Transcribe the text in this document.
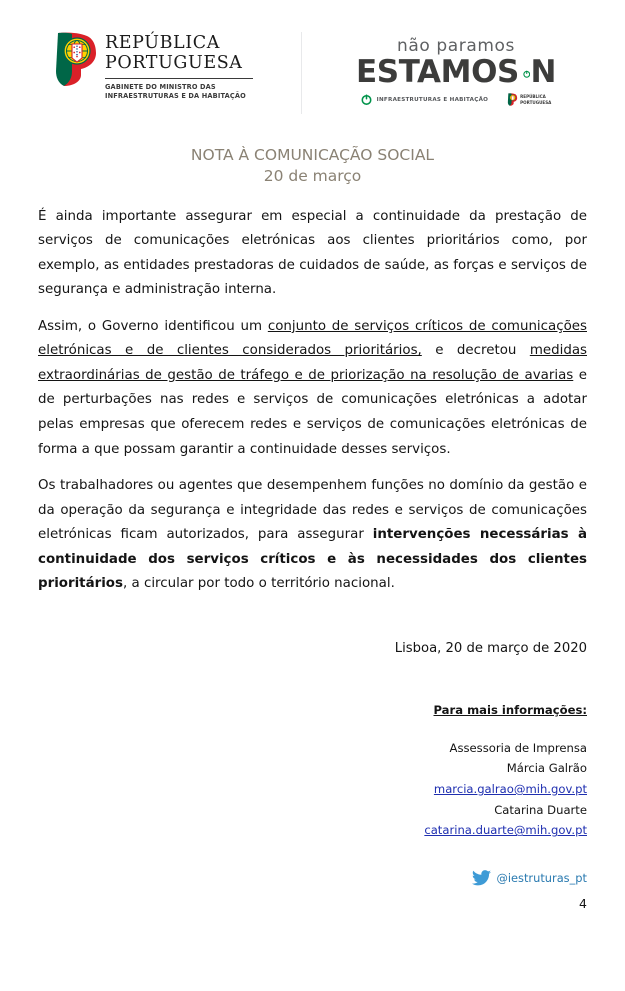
REPÚBLICA
PORTUGUESA
GABINETE DO MINISTRO DAS
INFRAESTRUTURAS E DA HABITAÇÃO
não paramos
ESTAMOS N
INFRAESTRUTURAS E HABITAÇÃO	REPÚBLICA
PORTUGUESA
NOTA À COMUNICAÇÃO SOCIAL
20 de março

É ainda importante assegurar em especial a continuidade da prestação de serviços de comunicações eletrónicas aos clientes prioritários como, por exemplo, as entidades prestadoras de cuidados de saúde, as forças e serviços de segurança e administração interna.

Assim, o Governo identificou um conjunto de serviços críticos de comunicações eletrónicas e de clientes considerados prioritários, e decretou medidas extraordinárias de gestão de tráfego e de priorização na resolução de avarias e de perturbações nas redes e serviços de comunicações eletrónicas a adotar pelas empresas que oferecem redes e serviços de comunicações eletrónicas de forma a que possam garantir a continuidade desses serviços.

Os trabalhadores ou agentes que desempenhem funções no domínio da gestão e da operação da segurança e integridade das redes e serviços de comunicações eletrónicas ficam autorizados, para assegurar intervenções necessárias à continuidade dos serviços críticos e às necessidades dos clientes prioritários, a circular por todo o território nacional.

Lisboa, 20 de março de 2020
Para mais informações:
Assessoria de Imprensa
Márcia Galrão
marcia.galrao@mih.gov.pt
Catarina Duarte
catarina.duarte@mih.gov.pt
@iestruturas_pt
4
